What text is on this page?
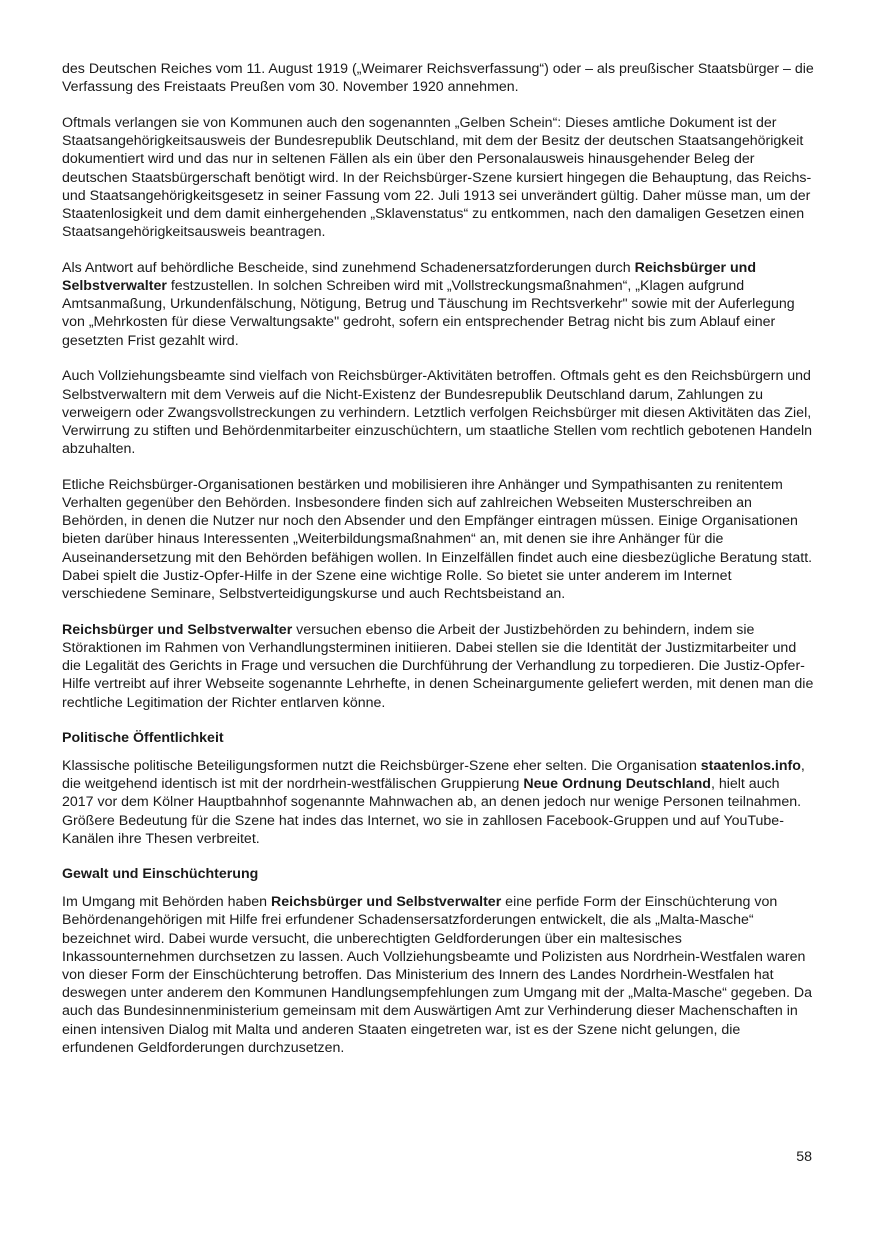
des Deutschen Reiches vom 11. August 1919 („Weimarer Reichsverfassung“) oder – als preußischer Staatsbürger – die Verfassung des Freistaats Preußen vom 30. November 1920 annehmen.

Oftmals verlangen sie von Kommunen auch den sogenannten „Gelben Schein“: Dieses amtliche Dokument ist der Staatsangehörigkeitsausweis der Bundesrepublik Deutschland, mit dem der Besitz der deutschen Staatsangehörigkeit dokumentiert wird und das nur in seltenen Fällen als ein über den Personalausweis hinausgehender Beleg der deutschen Staatsbürgerschaft benötigt wird. In der Reichsbürger-Szene kursiert hingegen die Behauptung, das Reichs- und Staatsangehörigkeitsgesetz in seiner Fassung vom 22. Juli 1913 sei unverändert gültig. Daher müsse man, um der Staatenlosigkeit und dem damit einhergehenden „Sklavenstatus“ zu entkommen, nach den damaligen Gesetzen einen Staatsangehörigkeitsausweis beantragen.

Als Antwort auf behördliche Bescheide, sind zunehmend Schadenersatzforderungen durch Reichsbürger und Selbstverwalter festzustellen. In solchen Schreiben wird mit „Vollstreckungsmaßnahmen“, „Klagen aufgrund Amtsanmaßung, Urkundenfälschung, Nötigung, Betrug und Täuschung im Rechtsverkehr" sowie mit der Auferlegung von „Mehrkosten für diese Verwaltungsakte" gedroht, sofern ein entsprechender Betrag nicht bis zum Ablauf einer gesetzten Frist gezahlt wird.

Auch Vollziehungsbeamte sind vielfach von Reichsbürger-Aktivitäten betroffen. Oftmals geht es den Reichsbürgern und Selbstverwaltern mit dem Verweis auf die Nicht-Existenz der Bundesrepublik Deutschland darum, Zahlungen zu verweigern oder Zwangsvollstreckungen zu verhindern. Letztlich verfolgen Reichsbürger mit diesen Aktivitäten das Ziel, Verwirrung zu stiften und Behördenmitarbeiter einzuschüchtern, um staatliche Stellen vom rechtlich gebotenen Handeln abzuhalten.

Etliche Reichsbürger-Organisationen bestärken und mobilisieren ihre Anhänger und Sympathisanten zu renitentem Verhalten gegenüber den Behörden. Insbesondere finden sich auf zahlreichen Webseiten Musterschreiben an Behörden, in denen die Nutzer nur noch den Absender und den Empfänger eintragen müssen. Einige Organisationen bieten darüber hinaus Interessenten „Weiterbildungsmaßnahmen“ an, mit denen sie ihre Anhänger für die Auseinandersetzung mit den Behörden befähigen wollen. In Einzelfällen findet auch eine diesbezügliche Beratung statt. Dabei spielt die Justiz-Opfer-Hilfe in der Szene eine wichtige Rolle. So bietet sie unter anderem im Internet verschiedene Seminare, Selbstverteidigungskurse und auch Rechtsbeistand an.

Reichsbürger und Selbstverwalter versuchen ebenso die Arbeit der Justizbehörden zu behindern, indem sie Störaktionen im Rahmen von Verhandlungsterminen initiieren. Dabei stellen sie die Identität der Justizmitarbeiter und die Legalität des Gerichts in Frage und versuchen die Durchführung der Verhandlung zu torpedieren. Die Justiz-Opfer-Hilfe vertreibt auf ihrer Webseite sogenannte Lehrhefte, in denen Scheinargumente geliefert werden, mit denen man die rechtliche Legitimation der Richter entlarven könne.

Politische Öffentlichkeit

Klassische politische Beteiligungsformen nutzt die Reichsbürger-Szene eher selten. Die Organisation staatenlos.info, die weitgehend identisch ist mit der nordrhein-westfälischen Gruppierung Neue Ordnung Deutschland, hielt auch 2017 vor dem Kölner Hauptbahnhof sogenannte Mahnwachen ab, an denen jedoch nur wenige Personen teilnahmen. Größere Bedeutung für die Szene hat indes das Internet, wo sie in zahllosen Facebook-Gruppen und auf YouTube-Kanälen ihre Thesen verbreitet.

Gewalt und Einschüchterung

Im Umgang mit Behörden haben Reichsbürger und Selbstverwalter eine perfide Form der Einschüchterung von Behördenangehörigen mit Hilfe frei erfundener Schadensersatzforderungen entwickelt, die als „Malta-Masche“ bezeichnet wird. Dabei wurde versucht, die unberechtigten Geldforderungen über ein maltesisches Inkassounternehmen durchsetzen zu lassen. Auch Vollziehungsbeamte und Polizisten aus Nordrhein-Westfalen waren von dieser Form der Einschüchterung betroffen. Das Ministerium des Innern des Landes Nordrhein-Westfalen hat deswegen unter anderem den Kommunen Handlungsempfehlungen zum Umgang mit der „Malta-Masche“ gegeben. Da auch das Bundesinnenministerium gemeinsam mit dem Auswärtigen Amt zur Verhinderung dieser Machenschaften in einen intensiven Dialog mit Malta und anderen Staaten eingetreten war, ist es der Szene nicht gelungen, die erfundenen Geldforderungen durchzusetzen.

58
